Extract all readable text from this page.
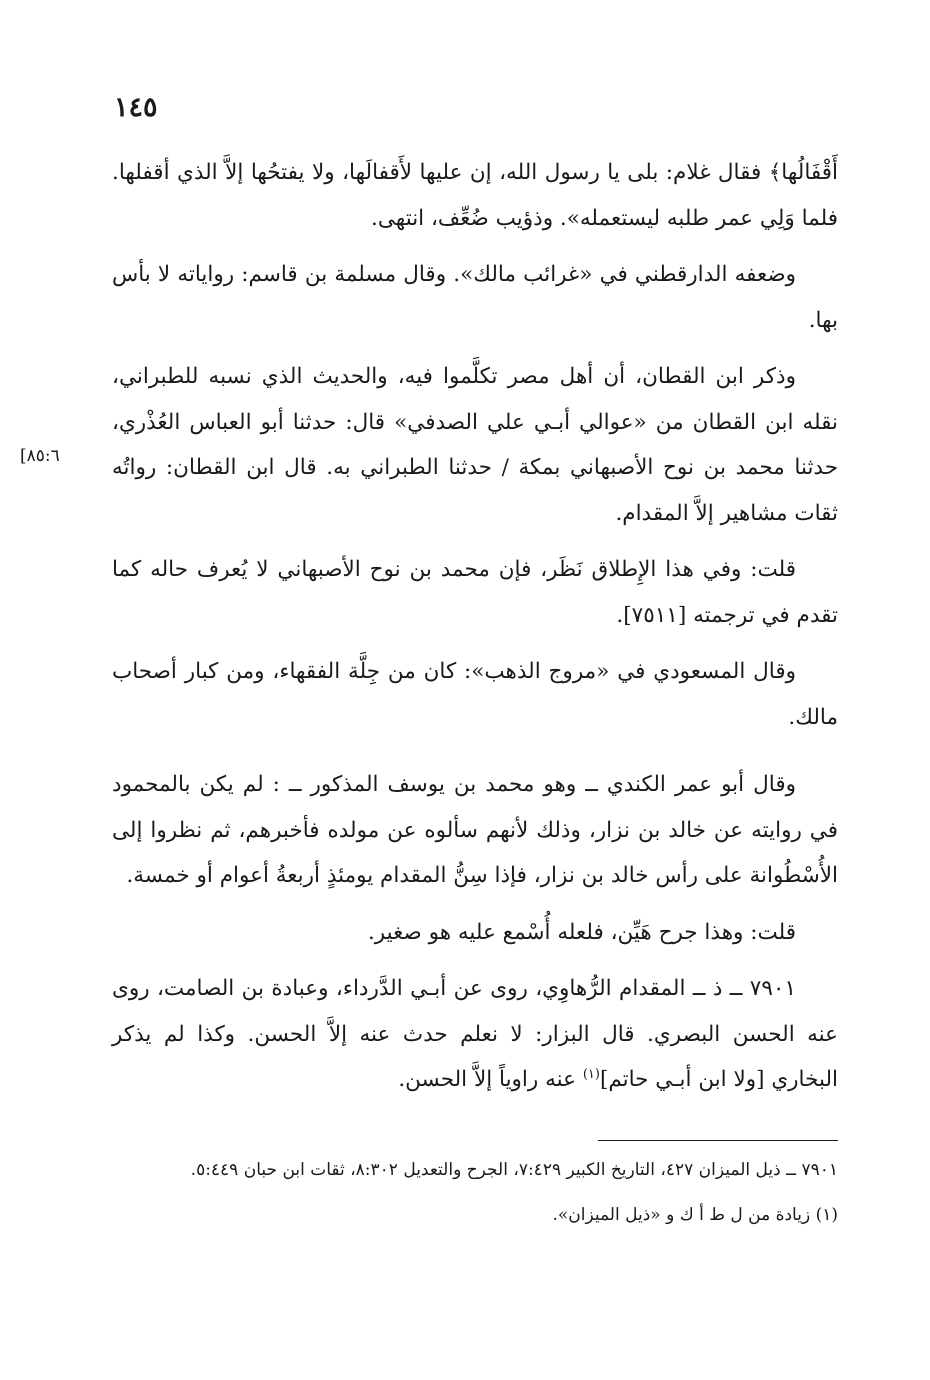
١٤٥
[٨٥:٦

أَقْفَالُها﴾ فقال غلام: بلى يا رسول الله، إن عليها لأَقفالَها، ولا يفتحُها إلاَّ الذي أقفلها. فلما وَلِي عمر طلبه ليستعمله». وذؤيب ضُعِّف، انتهى.

وضعفه الدارقطني في «غرائب مالك». وقال مسلمة بن قاسم: رواياته لا بأس بها.

وذكر ابن القطان، أن أهل مصر تكلَّموا فيه، والحديث الذي نسبه للطبراني، نقله ابن القطان من «عوالي أبـي علي الصدفي» قال: حدثنا أبو العباس العُذْري، حدثنا محمد بن نوح الأصبهاني بمكة / حدثنا الطبراني به. قال ابن القطان: رواتُه ثقات مشاهير إلاَّ المقدام.

قلت: وفي هذا الإِطلاق نَظَر، فإن محمد بن نوح الأصبهاني لا يُعرف حاله كما تقدم في ترجمته [٧٥١١].

وقال المسعودي في «مروج الذهب»: كان من جِلَّة الفقهاء، ومن كبار أصحاب مالك.

وقال أبو عمر الكندي ــ وهو محمد بن يوسف المذكور ــ : لم يكن بالمحمود في روايته عن خالد بن نزار، وذلك لأنهم سألوه عن مولده فأخبرهم، ثم نظروا إلى الأُسْطُوانة على رأس خالد بن نزار، فإذا سِنُّ المقدام يومئذٍ أربعةُ أعوام أو خمسة.

قلت: وهذا جرح هَيِّن، فلعله أُسْمع عليه هو صغير.

٧٩٠١ ــ ذ ــ المقدام الرُّهاوِي، روى عن أبـي الدَّرداء، وعبادة بن الصامت، روى عنه الحسن البصري. قال البزار: لا نعلم حدث عنه إلاَّ الحسن. وكذا لم يذكر البخاري [ولا ابن أبـي حاتم]$^{(١)}$ عنه راوياً إلاَّ الحسن.

٧٩٠١ ــ ذيل الميزان ٤٢٧، التاريخ الكبير ٧:٤٢٩، الجرح والتعديل ٨:٣٠٢، ثقات ابن حبان ٥:٤٤٩.

(١) زيادة من ل ط أ ك و «ذيل الميزان».
